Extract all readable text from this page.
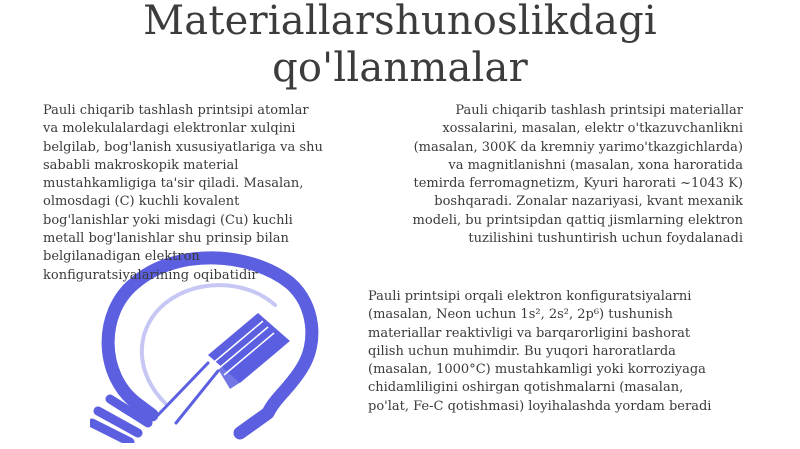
Materiallarshunoslikdagi
qo'llanmalar
Pauli chiqarib tashlash printsipi atomlar
va molekulalardagi elektronlar xulqini
belgilab, bog'lanish xususiyatlariga va shu
sababli makroskopik material
mustahkamligiga ta'sir qiladi. Masalan,
olmosdagi (C) kuchli kovalent
bog'lanishlar yoki misdagi (Cu) kuchli
metall bog'lanishlar shu prinsip bilan
belgilanadigan elektron
konfiguratsiyalarining oqibatidir
Pauli chiqarib tashlash printsipi materiallar
xossalarini, masalan, elektr o'tkazuvchanlikni
(masalan, 300K da kremniy yarimo'tkazgichlarda)
va magnitlanishni (masalan, xona haroratida
temirda ferromagnetizm, Kyuri harorati ~1043 K)
boshqaradi. Zonalar nazariyasi, kvant mexanik
modeli, bu printsipdan qattiq jismlarning elektron
tuzilishini tushuntirish uchun foydalanadi
Pauli printsipi orqali elektron konfiguratsiyalarni
(masalan, Neon uchun 1s², 2s², 2p⁶) tushunish
materiallar reaktivligi va barqarorligini bashorat
qilish uchun muhimdir. Bu yuqori haroratlarda
(masalan, 1000°C) mustahkamligi yoki korroziyaga
chidamliligini oshirgan qotishmalarni (masalan,
po'lat, Fe-C qotishmasi) loyihalashda yordam beradi
